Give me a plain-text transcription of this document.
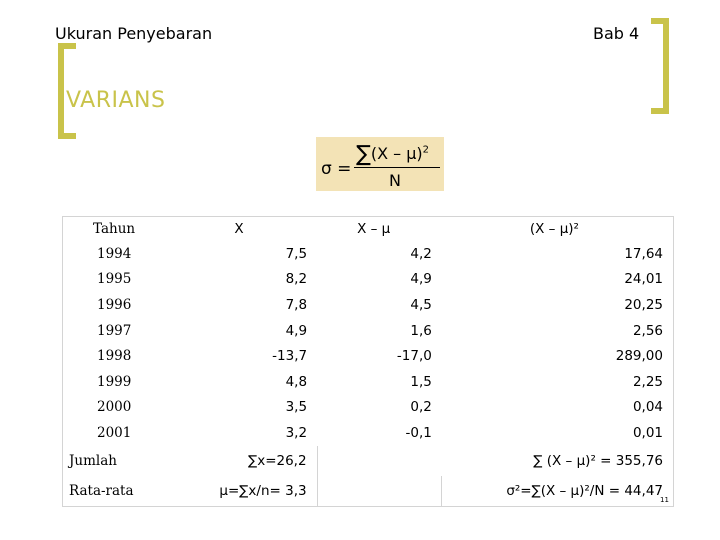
Ukuran Penyebaran	Bab 4
VARIANS
σ =
∑(X – μ)$^2$
N
Tahun	X	X – μ	(X – μ)²
1994	7,5	4,2	17,64
1995	8,2	4,9	24,01
1996	7,8	4,5	20,25
1997	4,9	1,6	2,56
1998	-13,7	-17,0	289,00
1999	4,8	1,5	2,25
2000	3,5	0,2	0,04
2001	3,2	-0,1	0,01
Jumlah	∑x=26,2		∑ (X – μ)² = 355,76
Rata-rata	μ=∑x/n= 3,3		σ²=∑(X – μ)²/N = 44,47
11
